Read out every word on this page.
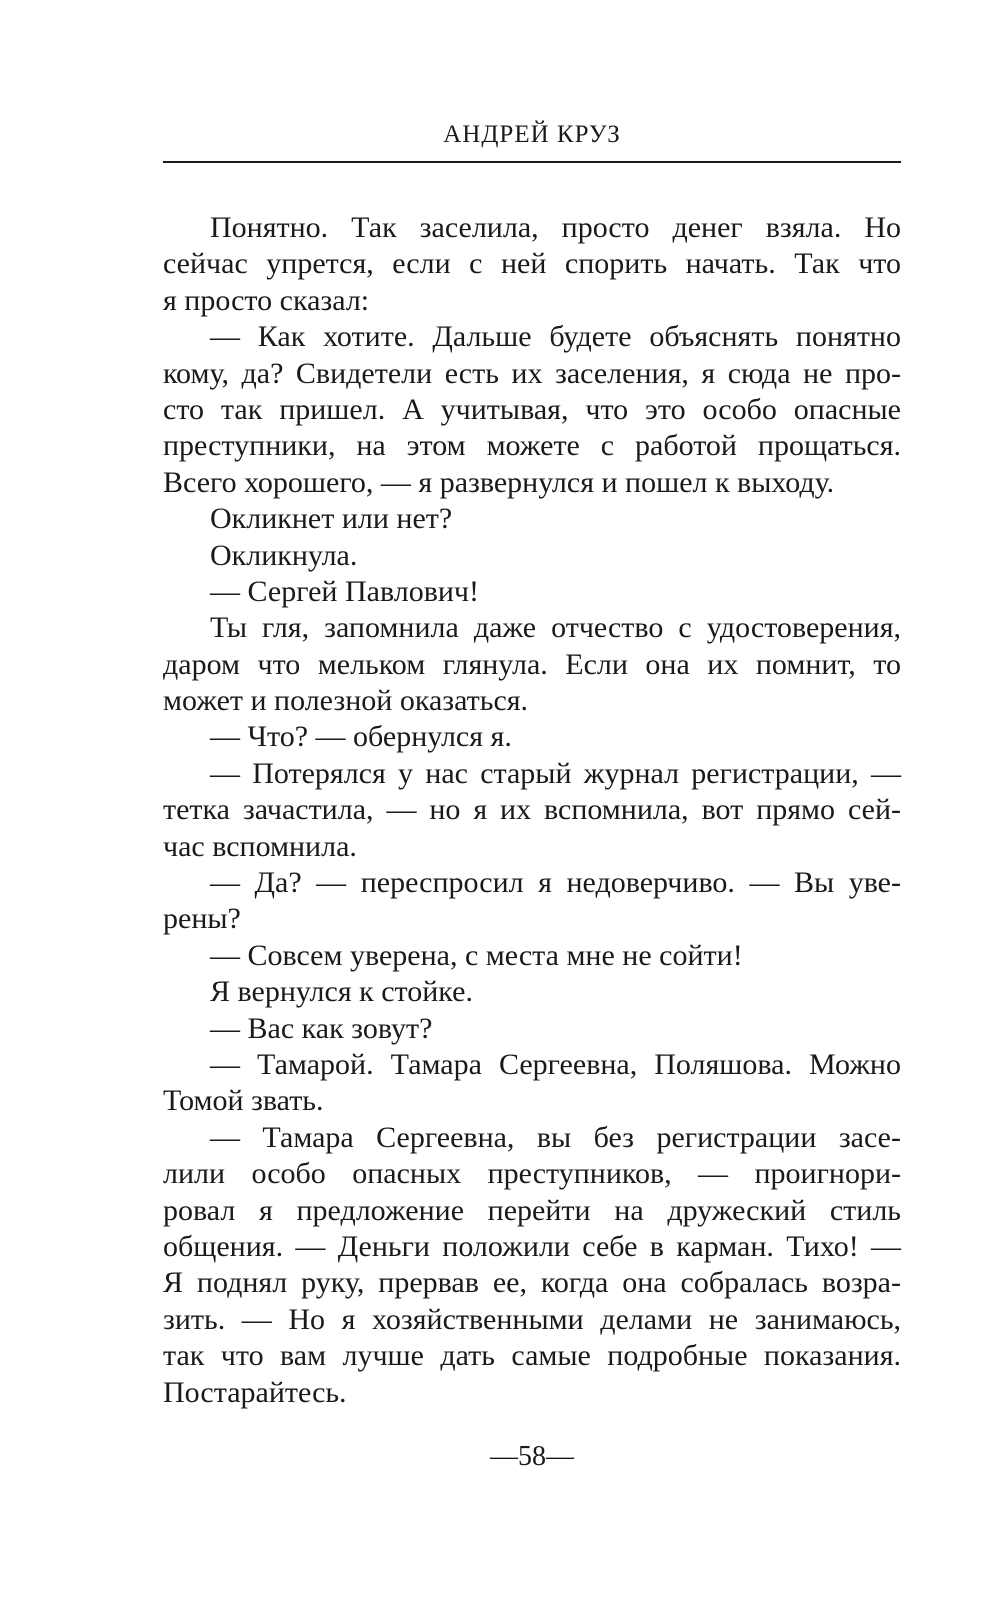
АНДРЕЙ КРУЗ
Понятно. Так заселила, просто денег взяла. Но
сейчас упрется, если с ней спорить начать. Так что
я просто сказал:
— Как хотите. Дальше будете объяснять понятно
кому, да? Свидетели есть их заселения, я сюда не про-
сто так пришел. А учитывая, что это особо опасные
преступники, на этом можете с работой прощаться.
Всего хорошего, — я развернулся и пошел к выходу.
Окликнет или нет?
Окликнула.
— Сергей Павлович!
Ты гля, запомнила даже отчество с удостоверения,
даром что мельком глянула. Если она их помнит, то
может и полезной оказаться.
— Что? — обернулся я.
— Потерялся у нас старый журнал регистрации, —
тетка зачастила, — но я их вспомнила, вот прямо сей-
час вспомнила.
— Да? — переспросил я недоверчиво. — Вы уве-
рены?
— Совсем уверена, с места мне не сойти!
Я вернулся к стойке.
— Вас как зовут?
— Тамарой. Тамара Сергеевна, Поляшова. Можно
Томой звать.
— Тамара Сергеевна, вы без регистрации засе-
лили особо опасных преступников, — проигнори-
ровал я предложение перейти на дружеский стиль
общения. — Деньги положили себе в карман. Тихо! —
Я поднял руку, прервав ее, когда она собралась возра-
зить. — Но я хозяйственными делами не занимаюсь,
так что вам лучше дать самые подробные показания.
Постарайтесь.
—58—
